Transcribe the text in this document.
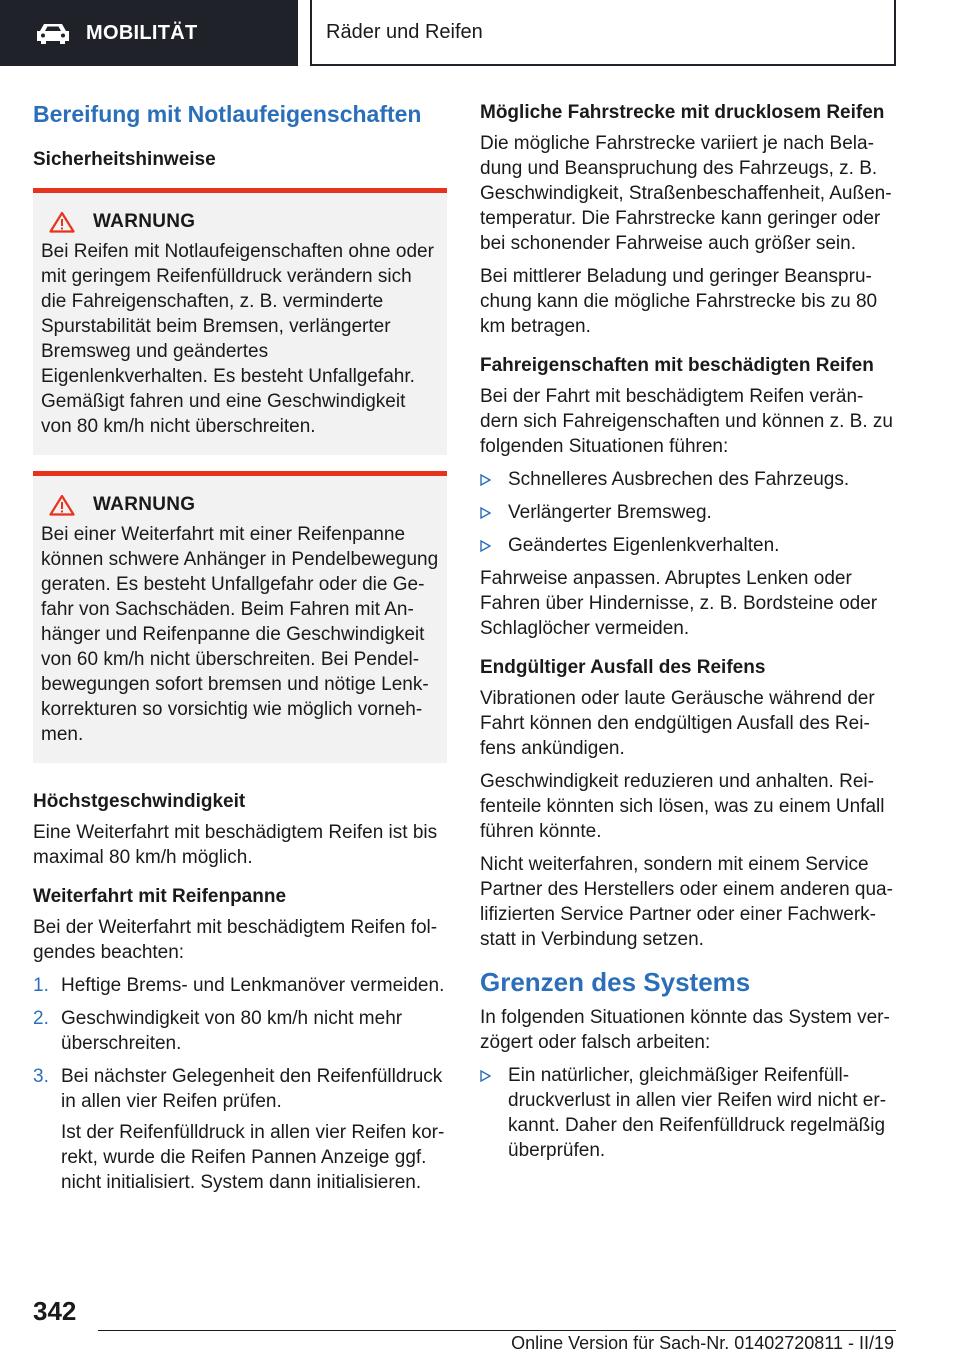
MOBILITÄT	Räder und Reifen
Bereifung mit Notlaufeigenschaften
Sicherheitshinweise
WARNUNG

Bei Reifen mit Notlaufeigenschaften ohne oder mit geringem Reifenfülldruck verändern sich die Fahreigenschaften, z. B. verminderte Spurstabilität beim Bremsen, verlängerter Bremsweg und geändertes Eigenlenkverhalten. Es besteht Unfallgefahr. Gemäßigt fahren und eine Geschwindigkeit von 80 km/h nicht überschreiten.

WARNUNG

Bei einer Weiterfahrt mit einer Reifenpanne können schwere Anhänger in Pendelbewegung geraten. Es besteht Unfallgefahr oder die Gefahr von Sachschäden. Beim Fahren mit Anhänger und Reifenpanne die Geschwindigkeit von 60 km/h nicht überschreiten. Bei Pendelbewegungen sofort bremsen und nötige Lenkkorrekturen so vorsichtig wie möglich vornehmen.

Höchstgeschwindigkeit

Eine Weiterfahrt mit beschädigtem Reifen ist bis maximal 80 km/h möglich.

Weiterfahrt mit Reifenpanne

Bei der Weiterfahrt mit beschädigtem Reifen folgendes beachten:

1. Heftige Brems- und Lenkmanöver vermeiden.
2. Geschwindigkeit von 80 km/h nicht mehr überschreiten.
3. Bei nächster Gelegenheit den Reifenfülldruck in allen vier Reifen prüfen.

Ist der Reifenfülldruck in allen vier Reifen korrekt, wurde die Reifen Pannen Anzeige ggf. nicht initialisiert. System dann initialisieren.

Mögliche Fahrstrecke mit drucklosem Reifen

Die mögliche Fahrstrecke variiert je nach Beladung und Beanspruchung des Fahrzeugs, z. B. Geschwindigkeit, Straßenbeschaffenheit, Außentemperatur. Die Fahrstrecke kann geringer oder bei schonender Fahrweise auch größer sein.

Bei mittlerer Beladung und geringer Beanspruchung kann die mögliche Fahrstrecke bis zu 80 km betragen.

Fahreigenschaften mit beschädigten Reifen

Bei der Fahrt mit beschädigtem Reifen verändern sich Fahreigenschaften und können z. B. zu folgenden Situationen führen:

Schnelleres Ausbrechen des Fahrzeugs.
Verlängerter Bremsweg.
Geändertes Eigenlenkverhalten.

Fahrweise anpassen. Abruptes Lenken oder Fahren über Hindernisse, z. B. Bordsteine oder Schlaglöcher vermeiden.

Endgültiger Ausfall des Reifens

Vibrationen oder laute Geräusche während der Fahrt können den endgültigen Ausfall des Reifens ankündigen.

Geschwindigkeit reduzieren und anhalten. Reifenteile könnten sich lösen, was zu einem Unfall führen könnte.

Nicht weiterfahren, sondern mit einem Service Partner des Herstellers oder einem anderen qualifizierten Service Partner oder einer Fachwerkstatt in Verbindung setzen.

Grenzen des Systems

In folgenden Situationen könnte das System verzögert oder falsch arbeiten:

Ein natürlicher, gleichmäßiger Reifenfülldruckverlust in allen vier Reifen wird nicht erkannt. Daher den Reifenfülldruck regelmäßig überprüfen.
342
Online Version für Sach-Nr. 01402720811 - II/19
